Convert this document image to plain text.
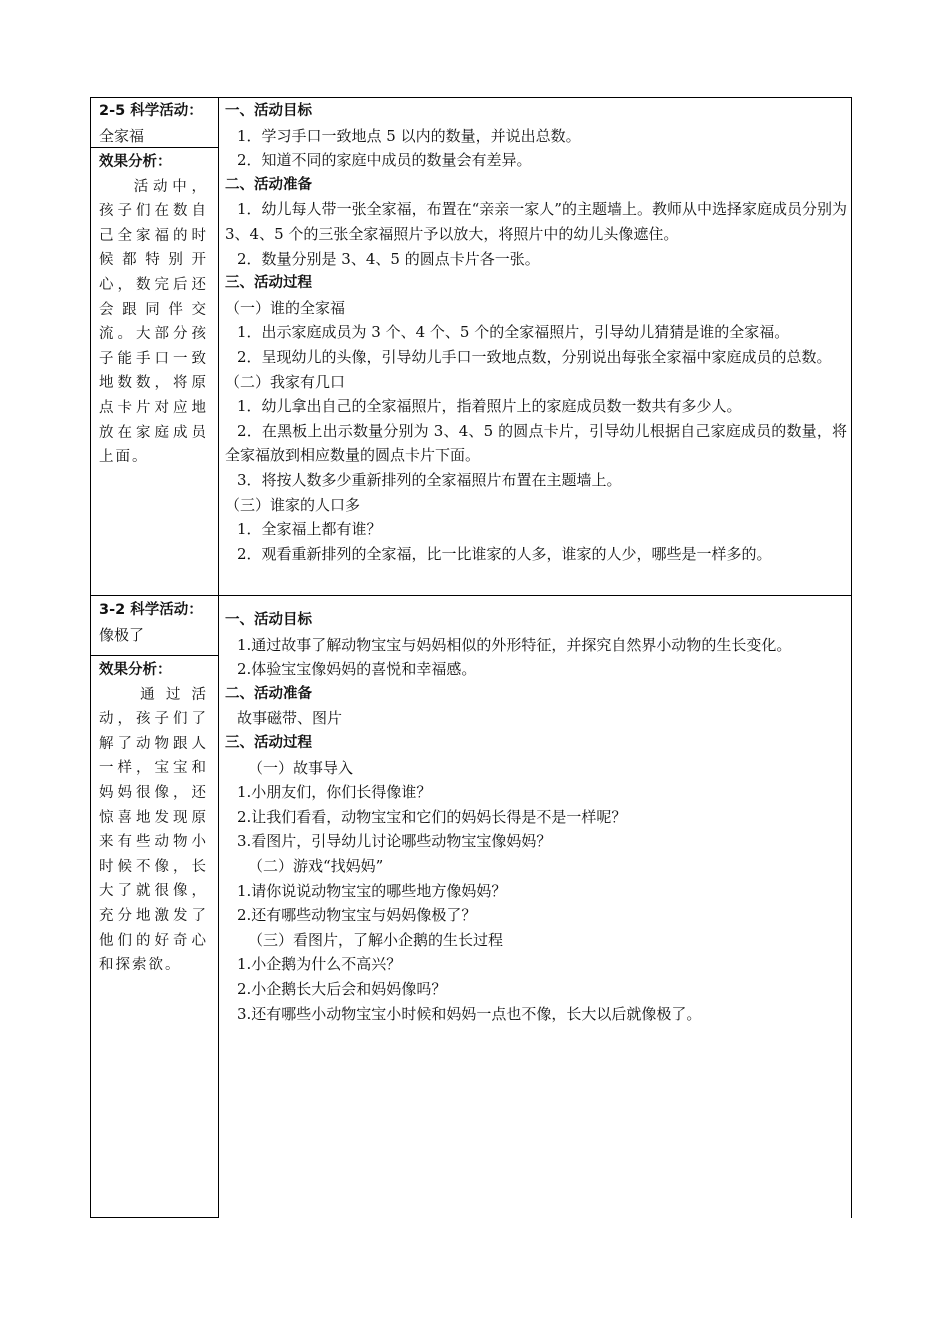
2-5 科学活动：
全家福
效果分析：
活动中，孩子们在数自己全家福的时候都特别开心，数完后还会跟同伴交流。大部分孩子能手口一致地数数，将原点卡片对应地放在家庭成员上面。

一、活动目标

1．学习手口一致地点 5 以内的数量，并说出总数。

2．知道不同的家庭中成员的数量会有差异。

二、活动准备

1．幼儿每人带一张全家福，布置在“亲亲一家人”的主题墙上。教师从中选择家庭成员分别为 3、4、5 个的三张全家福照片予以放大，将照片中的幼儿头像遮住。

2．数量分别是 3、4、5 的圆点卡片各一张。

三、活动过程

（一）谁的全家福

1．出示家庭成员为 3 个、4 个、5 个的全家福照片，引导幼儿猜猜是谁的全家福。

2．呈现幼儿的头像，引导幼儿手口一致地点数，分别说出每张全家福中家庭成员的总数。

（二）我家有几口

1．幼儿拿出自己的全家福照片，指着照片上的家庭成员数一数共有多少人。

2．在黑板上出示数量分别为 3、4、5 的圆点卡片，引导幼儿根据自己家庭成员的数量，将全家福放到相应数量的圆点卡片下面。

3．将按人数多少重新排列的全家福照片布置在主题墙上。

（三）谁家的人口多

1．全家福上都有谁？

2．观看重新排列的全家福，比一比谁家的人多，谁家的人少，哪些是一样多的。

3-2 科学活动：
像极了
效果分析：
通过活动，孩子们了解了动物跟人一样，宝宝和妈妈很像，还惊喜地发现原来有些动物小时候不像，长大了就很像，充分地激发了他们的好奇心和探索欲。

一、活动目标

1.通过故事了解动物宝宝与妈妈相似的外形特征，并探究自然界小动物的生长变化。

2.体验宝宝像妈妈的喜悦和幸福感。

二、活动准备

故事磁带、图片

三、活动过程

（一）故事导入

1.小朋友们，你们长得像谁？

2.让我们看看，动物宝宝和它们的妈妈长得是不是一样呢？

3.看图片，引导幼儿讨论哪些动物宝宝像妈妈？

（二）游戏“找妈妈”

1.请你说说动物宝宝的哪些地方像妈妈？

2.还有哪些动物宝宝与妈妈像极了？

（三）看图片，了解小企鹅的生长过程

1.小企鹅为什么不高兴？

2.小企鹅长大后会和妈妈像吗？

3.还有哪些小动物宝宝小时候和妈妈一点也不像，长大以后就像极了。
